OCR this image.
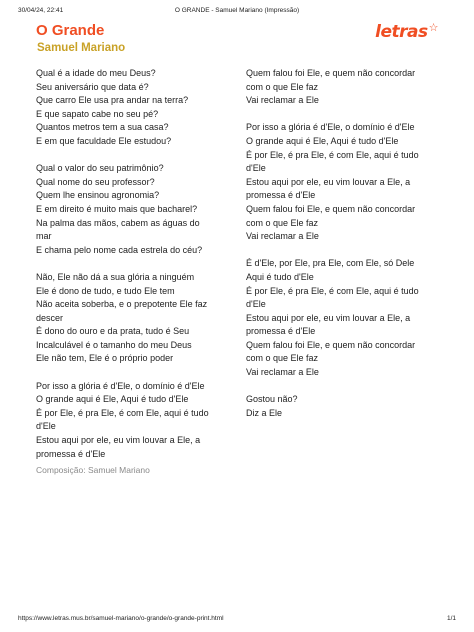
30/04/24, 22:41	O GRANDE - Samuel Mariano (Impressão)
O Grande
Samuel Mariano
letras☆
Qual é a idade do meu Deus?
Seu aniversário que data é?
Que carro Ele usa pra andar na terra?
E que sapato cabe no seu pé?
Quantos metros tem a sua casa?
E em que faculdade Ele estudou?
Qual o valor do seu patrimônio?
Qual nome do seu professor?
Quem lhe ensinou agronomia?
E em direito é muito mais que bacharel?
Na palma das mãos, cabem as águas do
mar
E chama pelo nome cada estrela do céu?
Não, Ele não dá a sua glória a ninguém
Ele é dono de tudo, e tudo Ele tem
Não aceita soberba, e o prepotente Ele faz
descer
É dono do ouro e da prata, tudo é Seu
Incalculável é o tamanho do meu Deus
Ele não tem, Ele é o próprio poder
Por isso a glória é d'Ele, o domínio é d'Ele
O grande aqui é Ele, Aqui é tudo d'Ele
É por Ele, é pra Ele, é com Ele, aqui é tudo
d'Ele
Estou aqui por ele, eu vim louvar a Ele, a
promessa é d'Ele
Quem falou foi Ele, e quem não concordar
com o que Ele faz
Vai reclamar a Ele
Por isso a glória é d'Ele, o domínio é d'Ele
O grande aqui é Ele, Aqui é tudo d'Ele
É por Ele, é pra Ele, é com Ele, aqui é tudo
d'Ele
Estou aqui por ele, eu vim louvar a Ele, a
promessa é d'Ele
Quem falou foi Ele, e quem não concordar
com o que Ele faz
Vai reclamar a Ele
É d'Ele, por Ele, pra Ele, com Ele, só Dele
Aqui é tudo d'Ele
É por Ele, é pra Ele, é com Ele, aqui é tudo
d'Ele
Estou aqui por ele, eu vim louvar a Ele, a
promessa é d'Ele
Quem falou foi Ele, e quem não concordar
com o que Ele faz
Vai reclamar a Ele
Gostou não?
Diz a Ele
Composição: Samuel Mariano
https://www.letras.mus.br/samuel-mariano/o-grande/o-grande-print.html	1/1
